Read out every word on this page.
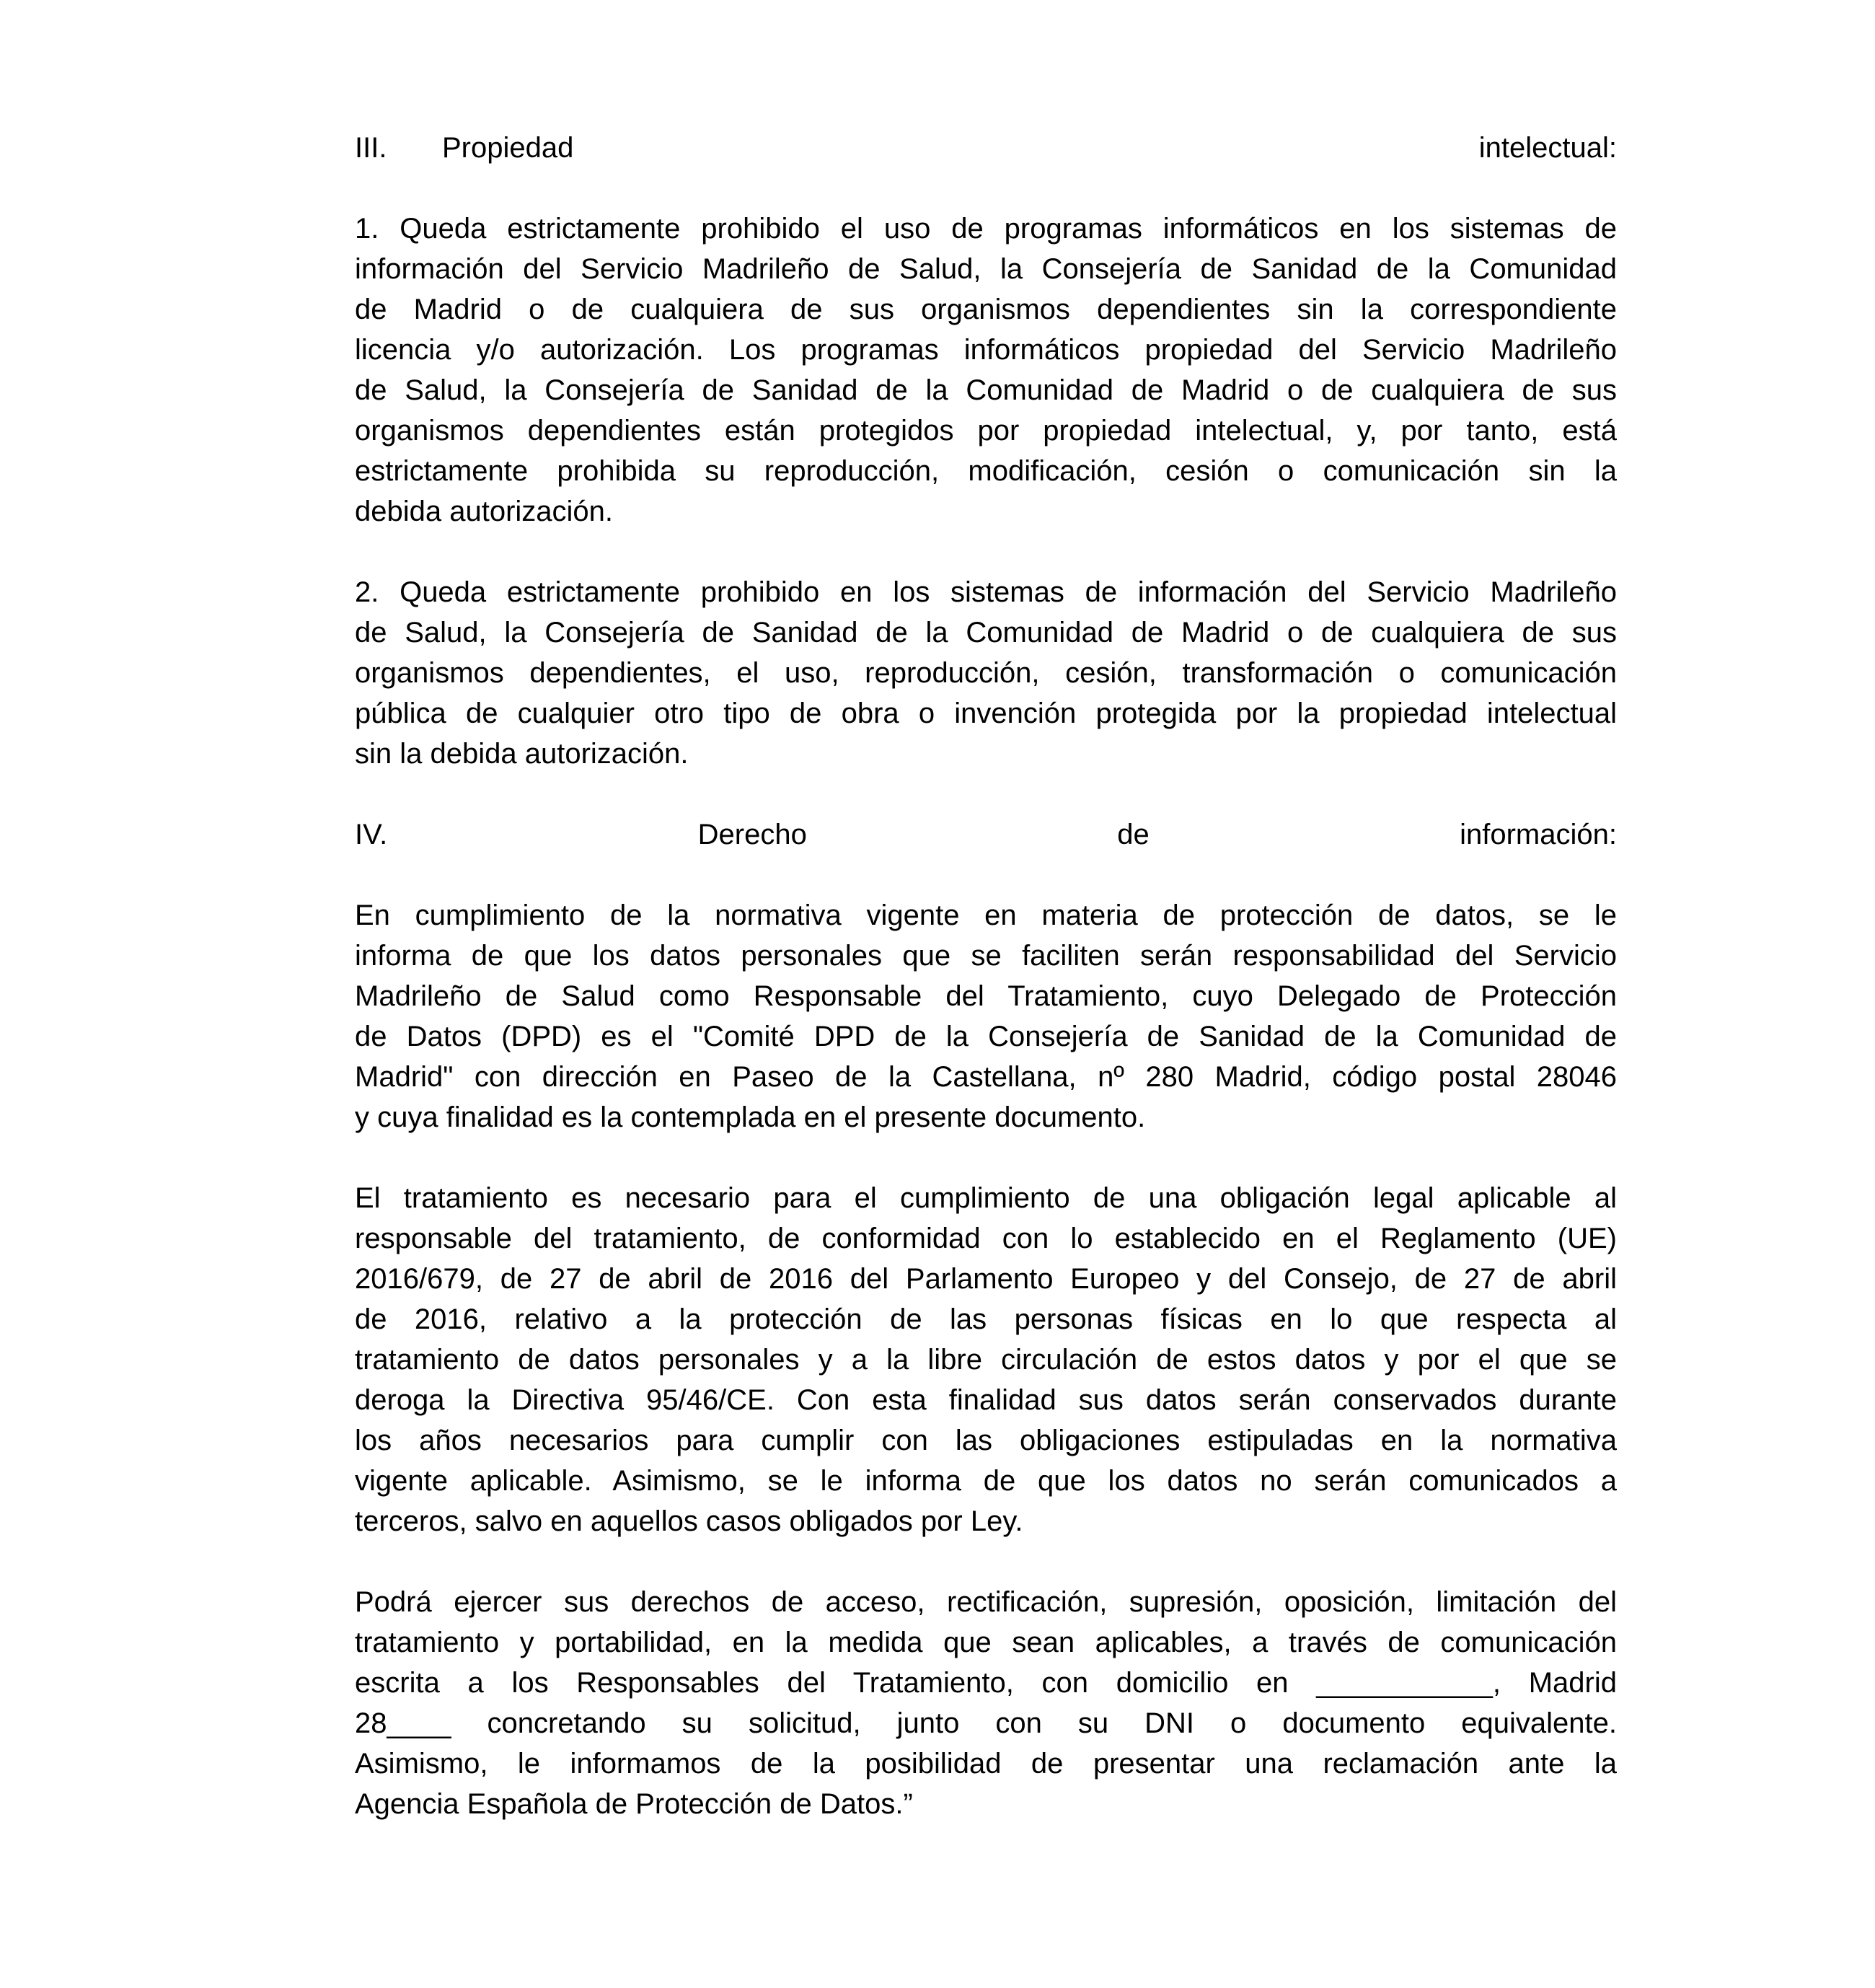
III. Propiedad intelectual:
1. Queda estrictamente prohibido el uso de programas informáticos en los sistemas de
información del Servicio Madrileño de Salud, la Consejería de Sanidad de la Comunidad
de Madrid o de cualquiera de sus organismos dependientes sin la correspondiente
licencia y/o autorización. Los programas informáticos propiedad del Servicio Madrileño
de Salud, la Consejería de Sanidad de la Comunidad de Madrid o de cualquiera de sus
organismos dependientes están protegidos por propiedad intelectual, y, por tanto, está
estrictamente prohibida su reproducción, modificación, cesión o comunicación sin la
debida autorización.
2. Queda estrictamente prohibido en los sistemas de información del Servicio Madrileño
de Salud, la Consejería de Sanidad de la Comunidad de Madrid o de cualquiera de sus
organismos dependientes, el uso, reproducción, cesión, transformación o comunicación
pública de cualquier otro tipo de obra o invención protegida por la propiedad intelectual
sin la debida autorización.
IV. Derecho de información:
En cumplimiento de la normativa vigente en materia de protección de datos, se le
informa de que los datos personales que se faciliten serán responsabilidad del Servicio
Madrileño de Salud como Responsable del Tratamiento, cuyo Delegado de Protección
de Datos (DPD) es el "Comité DPD de la Consejería de Sanidad de la Comunidad de
Madrid" con dirección en Paseo de la Castellana, nº 280 Madrid, código postal 28046
y cuya finalidad es la contemplada en el presente documento.
El tratamiento es necesario para el cumplimiento de una obligación legal aplicable al
responsable del tratamiento, de conformidad con lo establecido en el Reglamento (UE)
2016/679, de 27 de abril de 2016 del Parlamento Europeo y del Consejo, de 27 de abril
de 2016, relativo a la protección de las personas físicas en lo que respecta al
tratamiento de datos personales y a la libre circulación de estos datos y por el que se
deroga la Directiva 95/46/CE. Con esta finalidad sus datos serán conservados durante
los años necesarios para cumplir con las obligaciones estipuladas en la normativa
vigente aplicable. Asimismo, se le informa de que los datos no serán comunicados a
terceros, salvo en aquellos casos obligados por Ley.
Podrá ejercer sus derechos de acceso, rectificación, supresión, oposición, limitación del
tratamiento y portabilidad, en la medida que sean aplicables, a través de comunicación
escrita a los Responsables del Tratamiento, con domicilio en ___________, Madrid
28____ concretando su solicitud, junto con su DNI o documento equivalente.
Asimismo, le informamos de la posibilidad de presentar una reclamación ante la
Agencia Española de Protección de Datos.”
